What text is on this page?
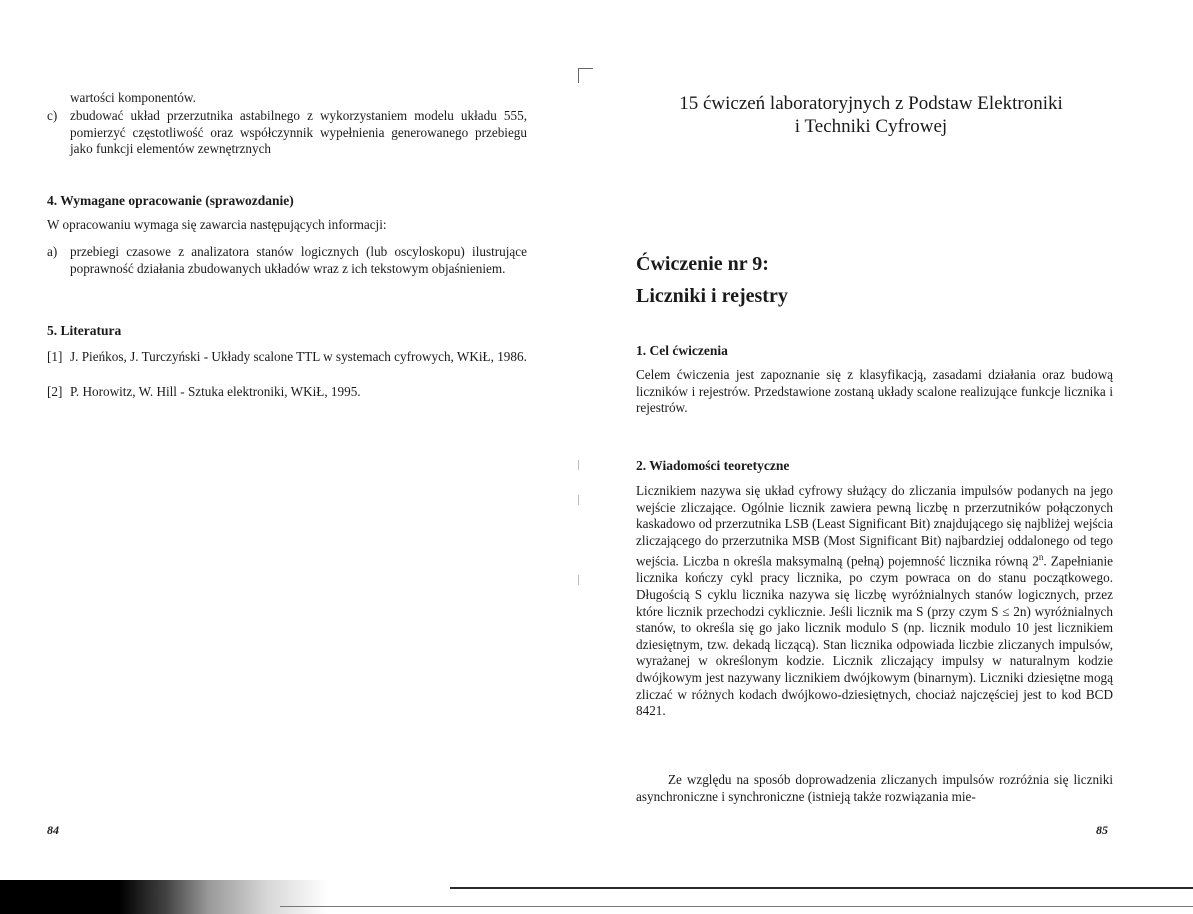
wartości komponentów.
c) zbudować układ przerzutnika astabilnego z wykorzystaniem modelu układu 555, pomierzyć częstotliwość oraz współczynnik wypełnienia generowanego przebiegu jako funkcji elementów zewnętrznych
4. Wymagane opracowanie (sprawozdanie)
W opracowaniu wymaga się zawarcia następujących informacji:
a) przebiegi czasowe z analizatora stanów logicznych (lub oscyloskopu) ilustrujące poprawność działania zbudowanych układów wraz z ich tekstowym objaśnieniem.
5. Literatura
[1] J. Pieńkos, J. Turczyński - Układy scalone TTL w systemach cyfrowych, WKiŁ, 1986.
[2] P. Horowitz, W. Hill - Sztuka elektroniki, WKiŁ, 1995.
84
15 ćwiczeń laboratoryjnych z Podstaw Elektroniki
i Techniki Cyfrowej
Ćwiczenie nr 9:
Liczniki i rejestry
1. Cel ćwiczenia
Celem ćwiczenia jest zapoznanie się z klasyfikacją, zasadami działania oraz budową liczników i rejestrów. Przedstawione zostaną układy scalone realizujące funkcje licznika i rejestrów.
2. Wiadomości teoretyczne
Licznikiem nazywa się układ cyfrowy służący do zliczania impulsów podanych na jego wejście zliczające. Ogólnie licznik zawiera pewną liczbę n przerzutników połączonych kaskadowo od przerzutnika LSB (Least Significant Bit) znajdującego się najbliżej wejścia zliczającego do przerzutnika MSB (Most Significant Bit) najbardziej oddalonego od tego wejścia. Liczba n określa maksymalną (pełną) pojemność licznika równą 2$^n$. Zapełnianie licznika kończy cykl pracy licznika, po czym powraca on do stanu początkowego. Długością S cyklu licznika nazywa się liczbę wyróżnialnych stanów logicznych, przez które licznik przechodzi cyklicznie. Jeśli licznik ma S (przy czym S ≤ 2n) wyróżnialnych stanów, to określa się go jako licznik modulo S (np. licznik modulo 10 jest licznikiem dziesiętnym, tzw. dekadą liczącą). Stan licznika odpowiada liczbie zliczanych impulsów, wyrażanej w określonym kodzie. Licznik zliczający impulsy w naturalnym kodzie dwójkowym jest nazywany licznikiem dwójkowym (binarnym). Liczniki dziesiętne mogą zliczać w różnych kodach dwójkowo-dziesiętnych, chociaż najczęściej jest to kod BCD 8421.
Ze względu na sposób doprowadzenia zliczanych impulsów rozróżnia się liczniki asynchroniczne i synchroniczne (istnieją także rozwiązania mie-
85
